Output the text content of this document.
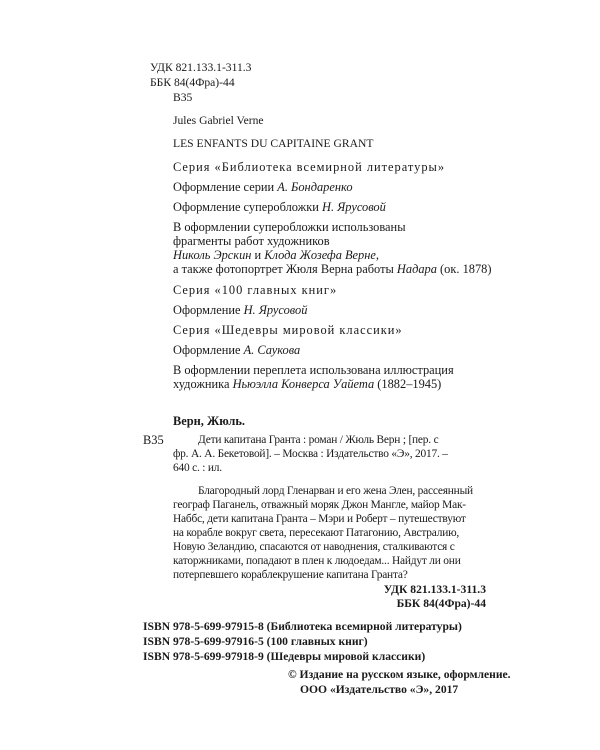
УДК 821.133.1-311.3
ББК 84(4Фра)-44
В35
Jules Gabriel Verne
LES ENFANTS DU CAPITAINE GRANT
Серия «Библиотека всемирной литературы»
Оформление серии А. Бондаренко
Оформление суперобложки Н. Ярусовой
В оформлении суперобложки использованы
фрагменты работ художников
Николь Эрскин и Клода Жозефа Верне,
а также фотопортрет Жюля Верна работы Надара (ок. 1878)
Серия «100 главных книг»
Оформление Н. Ярусовой
Серия «Шедевры мировой классики»
Оформление А. Саукова
В оформлении переплета использована иллюстрация
художника Ньюэлла Конверса Уайета (1882–1945)
Верн, Жюль.
В35	Дети капитана Гранта : роман / Жюль Верн ; [пер. с
фр. А. А. Бекетовой]. – Москва : Издательство «Э», 2017. –
640 с. : ил.
Благородный лорд Гленарван и его жена Элен, рассеянный
географ Паганель, отважный моряк Джон Мангле, майор Мак-
Наббс, дети капитана Гранта – Мэри и Роберт – путешествуют
на корабле вокруг света, пересекают Патагонию, Австралию,
Новую Зеландию, спасаются от наводнения, сталкиваются с
каторжниками, попадают в плен к людоедам... Найдут ли они
потерпевшего кораблекрушение капитана Гранта?
УДК 821.133.1-311.3
ББК 84(4Фра)-44
ISBN 978-5-699-97915-8 (Библиотека всемирной литературы)
ISBN 978-5-699-97916-5 (100 главных книг)
ISBN 978-5-699-97918-9 (Шедевры мировой классики)
© Издание на русском языке, оформление.
ООО «Издательство «Э», 2017
